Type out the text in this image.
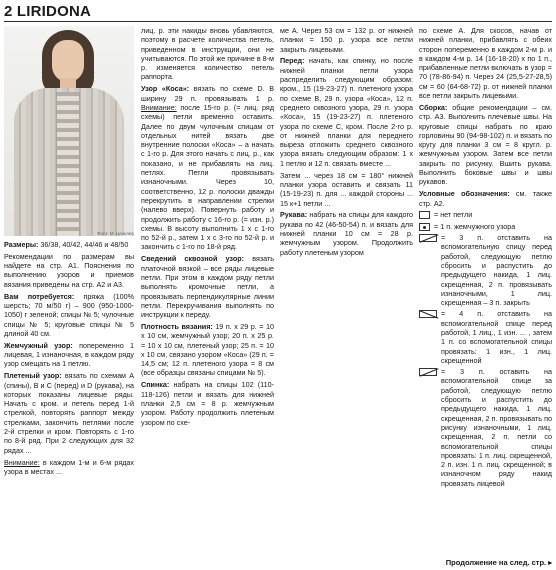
2 LIRIDONA
Фото: М. Ценклер

Размеры: 36/38, 40/42, 44/46 и 48/50

Рекомендации по размерам вы найдете на стр. А1. Пояснения по выполнению узоров и приемов вязания приведены на стр. А2 и А3.

Вам потребуется: пряжа (100% шерсть; 70 м/50 г) – 900 (950-1000-1050) г зеленой; спицы № 5; чулочные спицы № 5; круговые спицы № 5 длиной 40 см.

Жемчужный узор: попеременно 1 лицевая, 1 изнаночная, в каждом ряду узор смещать на 1 петлю.

Плетеный узор: вязать по схемам А (спины), В и С (перед) и D (рукава), на которых показаны лицевые ряды. Начать с кром. и петель перед 1-й стрелкой, повторять раппорт между стрелками, закончить петлями после 2-й стрелки и кром. Повторять с 1-го по 8-й ряд. При 2 следующих для 32 рядах ...

Внимание: в каждом 1-м и 6-м рядах узора в местах ...

лиц. р. эти накиды вновь убавляются, поэтому в расчете количества петель, приведенном в инструкции, они не учитываются. По этой же причине в 8-м р. изменяется количество петель раппорта.

Узор «Коса»: вязать по схеме D. В ширину 29 п. провязывать 1 р. Внимание: после 15-го р. (= лиц. ряд схемы) петли временно оставить. Далее по двум чулочным спицам от отдельных нитей вязать две внутренние полоски «Коса» – а начать с 1-го р. Для этого начать с лиц. р., как показано, и не прибавлять на лиц. петлях. Петли провязывать изнаночными. Через 10, соответственно, 12 р. полоски дважды перекрутить в направлении стрелки (налево вверх). Повернуть работу и продолжить работу с 16-го р. (= изн. р.) схемы. В высоту выполнить 1 х с 1-го по 52-й р., затем 1 х с 3-го по 52-й р. и закончить с 1-го по 18-й ряд.

Сведений сквозной узор: вязать платочной вязкой – все ряды лицевые петли. При этом в каждом ряду петли выполнять кромочные петли, а провязывать перпендикулярные линии петли. Перекручивания выполнять по инструкции к переду.

Плотность вязания: 19 п. х 29 р. = 10 х 10 см, жемчужный узор; 20 п. х 25 р. = 10 х 10 см, плетеный узор; 25 п. = 10 х 10 см, связано узором «Коса» (29 п. = 14,5 см; 12 п. плетеного узора = 8 см (все образцы связаны спицами № 5).

Спинка: набрать на спицы 102 (110-118-126) петли и вязать для нижней планки 2,5 см = 8 р. жемчужным узором. Работу продолжить плетеным узором по схе-

ме А. Через 53 см = 132 р. от нижней планки = 150 р. узора все петли закрыть лицевыми.

Перед: начать, как спинку, но после нижней планки петли узора распределить следующим образом: кром., 15 (19-23-27) п. плетеного узора по схеме В, 29 п. узора «Коса», 12 п. среднего сквозного узора, 29 п. узора «Коса», 15 (19-23-27) п. плетеного узора по схеме С, кром. После 2-го р. от нижней планки для переднего выреза отложить среднего сквозного узора вязать следующим образом: 1 х 1 петлю и 12 п. связать вместе ...

Затем ... через 18 см = 180° нижней планки узора оставить и связать 11 (15-19-23) п. для ... каждой стороны ... 15 к+1 петли ...

Рукава: набрать на спицы для каждого рукава по 42 (46-50-54) п. и вязать для нижней планки 10 см = 28 р. жемчужным узором. Продолжить работу плетеным узором

по схеме А. Для скосов, начав от нижней планки, прибавлять с обеих сторон попеременно в каждом 2-м р. и в каждом 4-м р. 14 (16-18-20) х по 1 п., прибавленные петли включать в узор = 70 (78-86-94) п. Через 24 (25,5-27-28,5) см = 60 (64-68-72) р. от нижней планки все петли закрыть лицевыми.

Сборка: общие рекомендации – см. стр. А3. Выполнить плечевые швы. На круговые спицы набрать по краю горловины 90 (94-98-102) п. и вязать по кругу для планки 3 см = 8 кругл. р. жемчужным узором. Затем все петли закрыть по рисунку. Вшить рукава. Выполнить боковые швы и швы рукавов.

Условные обозначения: см. также стр. А2.

= нет петли
= 1 п. жемчужного узора
= 3 п. отставить на вспомогательную спицу перед работой, следующую петлю сбросить и распустить до предыдущего накида, 1 лиц. скрещенная, 2 п. провязывать изнаночными, 1 лиц. скрещенная – 3 п. закрыть
= 4 п. отставить на вспомогательной спице перед работой, 1 лиц., 1 изн. ... , затем 1 п. со вспомогательной спицы провязать: 1 изн., 1 лиц. скрещенной
= 3 п. оставить на вспомогательной спице за работой, следующую петлю сбросить и распустить до предыдущего накида, 1 лиц. скрещенная, 2 п. провязывать по рисунку изнаночными, 1 лиц. скрещенная, 2 п. петли со вспомогательной спицы провязать: 1 п. лиц. скрещенной, 2 п. изн. 1 п. лиц. скрещенной; в изнаночном ряду накид провязать лицевой
Продолжение на след. стр. ▸
